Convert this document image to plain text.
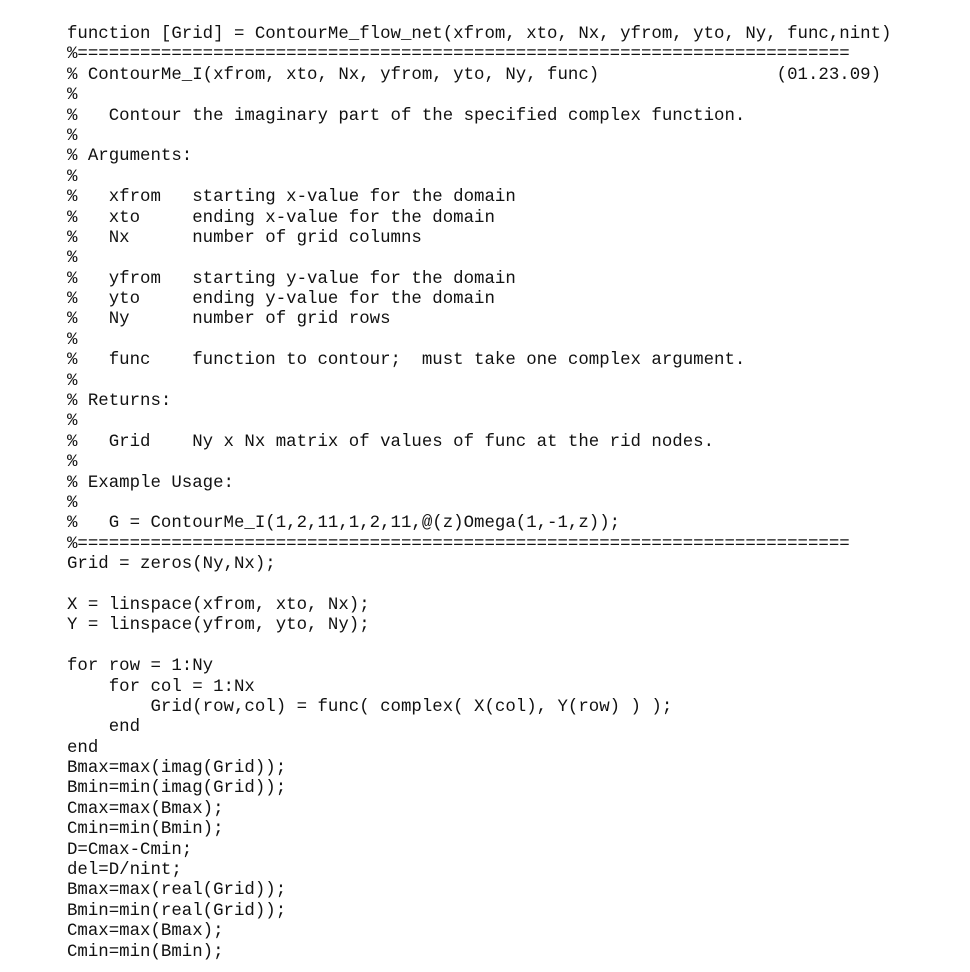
function [Grid] = ContourMe_flow_net(xfrom, xto, Nx, yfrom, yto, Ny, func,nint)
%==========================================================================
% ContourMe_I(xfrom, xto, Nx, yfrom, yto, Ny, func)                 (01.23.09)
%
%   Contour the imaginary part of the specified complex function.
%
% Arguments:
%
%   xfrom   starting x-value for the domain
%   xto     ending x-value for the domain
%   Nx      number of grid columns
%
%   yfrom   starting y-value for the domain
%   yto     ending y-value for the domain
%   Ny      number of grid rows
%
%   func    function to contour;  must take one complex argument.
%
% Returns:
%
%   Grid    Ny x Nx matrix of values of func at the rid nodes.
%
% Example Usage:
%
%   G = ContourMe_I(1,2,11,1,2,11,@(z)Omega(1,-1,z));
%==========================================================================
Grid = zeros(Ny,Nx);
X = linspace(xfrom, xto, Nx);
Y = linspace(yfrom, yto, Ny);
for row = 1:Ny
for col = 1:Nx
Grid(row,col) = func( complex( X(col), Y(row) ) );
end
end
Bmax=max(imag(Grid));
Bmin=min(imag(Grid));
Cmax=max(Bmax);
Cmin=min(Bmin);
D=Cmax-Cmin;
del=D/nint;
Bmax=max(real(Grid));
Bmin=min(real(Grid));
Cmax=max(Bmax);
Cmin=min(Bmin);
